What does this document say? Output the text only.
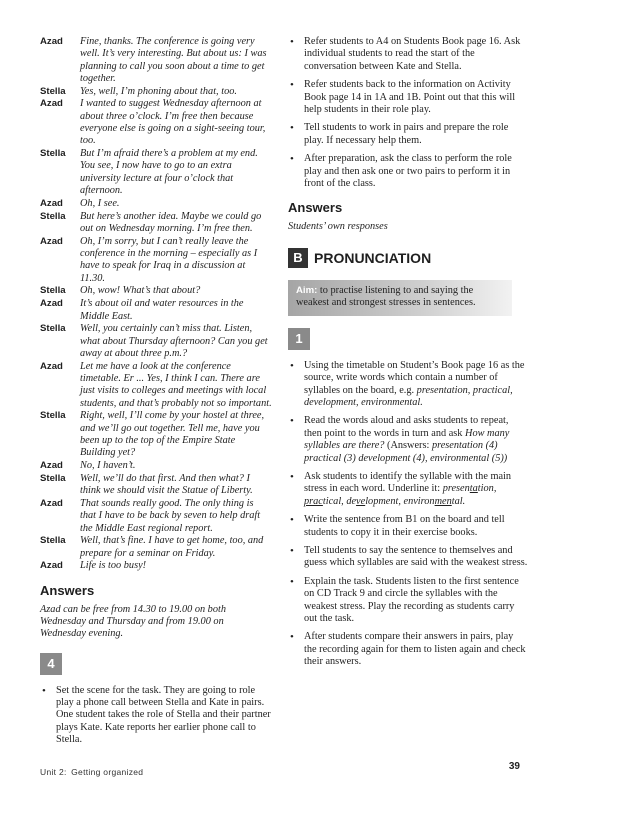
Azad	Fine, thanks. The conference is going very well. It’s very interesting. But about us: I was planning to call you soon about a time to get together.
Stella	Yes, well, I’m phoning about that, too.
Azad	I wanted to suggest Wednesday afternoon at about three o’clock. I’m free then because everyone else is going on a sight-seeing tour, too.
Stella	But I’m afraid there’s a problem at my end. You see, I now have to go to an extra university lecture at four o’clock that afternoon.
Azad	Oh, I see.
Stella	But here’s another idea. Maybe we could go out on Wednesday morning. I’m free then.
Azad	Oh, I’m sorry, but I can’t really leave the conference in the morning – especially as I have to speak for Iraq in a discussion at 11.30.
Stella	Oh, wow! What’s that about?
Azad	It’s about oil and water resources in the Middle East.
Stella	Well, you certainly can’t miss that. Listen, what about Thursday afternoon? Can you get away at about three p.m.?
Azad	Let me have a look at the conference timetable. Er ... Yes, I think I can. There are just visits to colleges and meetings with local students, and that’s probably not so important.
Stella	Right, well, I’ll come by your hostel at three, and we’ll go out together. Tell me, have you been up to the top of the Empire State Building yet?
Azad	No, I haven’t.
Stella	Well, we’ll do that first. And then what? I think we should visit the Statue of Liberty.
Azad	That sounds really good. The only thing is that I have to be back by seven to help draft the Middle East regional report.
Stella	Well, that’s fine. I have to get home, too, and prepare for a seminar on Friday.
Azad	Life is too busy!
Answers
Azad can be free from 14.30 to 19.00 on both Wednesday and Thursday and from 19.00 on Wednesday evening.
4
• Set the scene for the task. They are going to role play a phone call between Stella and Kate in pairs. One student takes the role of Stella and their partner plays Kate. Kate reports her earlier phone call to Stella.
• Refer students to A4 on Students Book page 16. Ask individual students to read the start of the conversation between Kate and Stella.
• Refer students back to the information on Activity Book page 14 in 1A and 1B. Point out that this will help students in their role play.
• Tell students to work in pairs and prepare the role play. If necessary help them.
• After preparation, ask the class to perform the role play and then ask one or two pairs to perform it in front of the class.
Answers
Students’ own responses
B PRONUNCIATION
Aim: to practise listening to and saying the weakest and strongest stresses in sentences.
1
• Using the timetable on Student’s Book page 16 as the source, write words which contain a number of syllables on the board, e.g. presentation, practical, development, environmental.
• Read the words aloud and asks students to repeat, then point to the words in turn and ask How many syllables are there? (Answers: presentation (4) practical (3) development (4), environmental (5))
• Ask students to identify the syllable with the main stress in each word. Underline it: presentation, practical, development, environmental.
• Write the sentence from B1 on the board and tell students to copy it in their exercise books.
• Tell students to say the sentence to themselves and guess which syllables are said with the weakest stress.
• Explain the task. Students listen to the first sentence on CD Track 9 and circle the syllables with the weakest stress. Play the recording as students carry out the task.
• After students compare their answers in pairs, play the recording again for them to listen again and check their answers.
Unit 2: Getting organized	39
